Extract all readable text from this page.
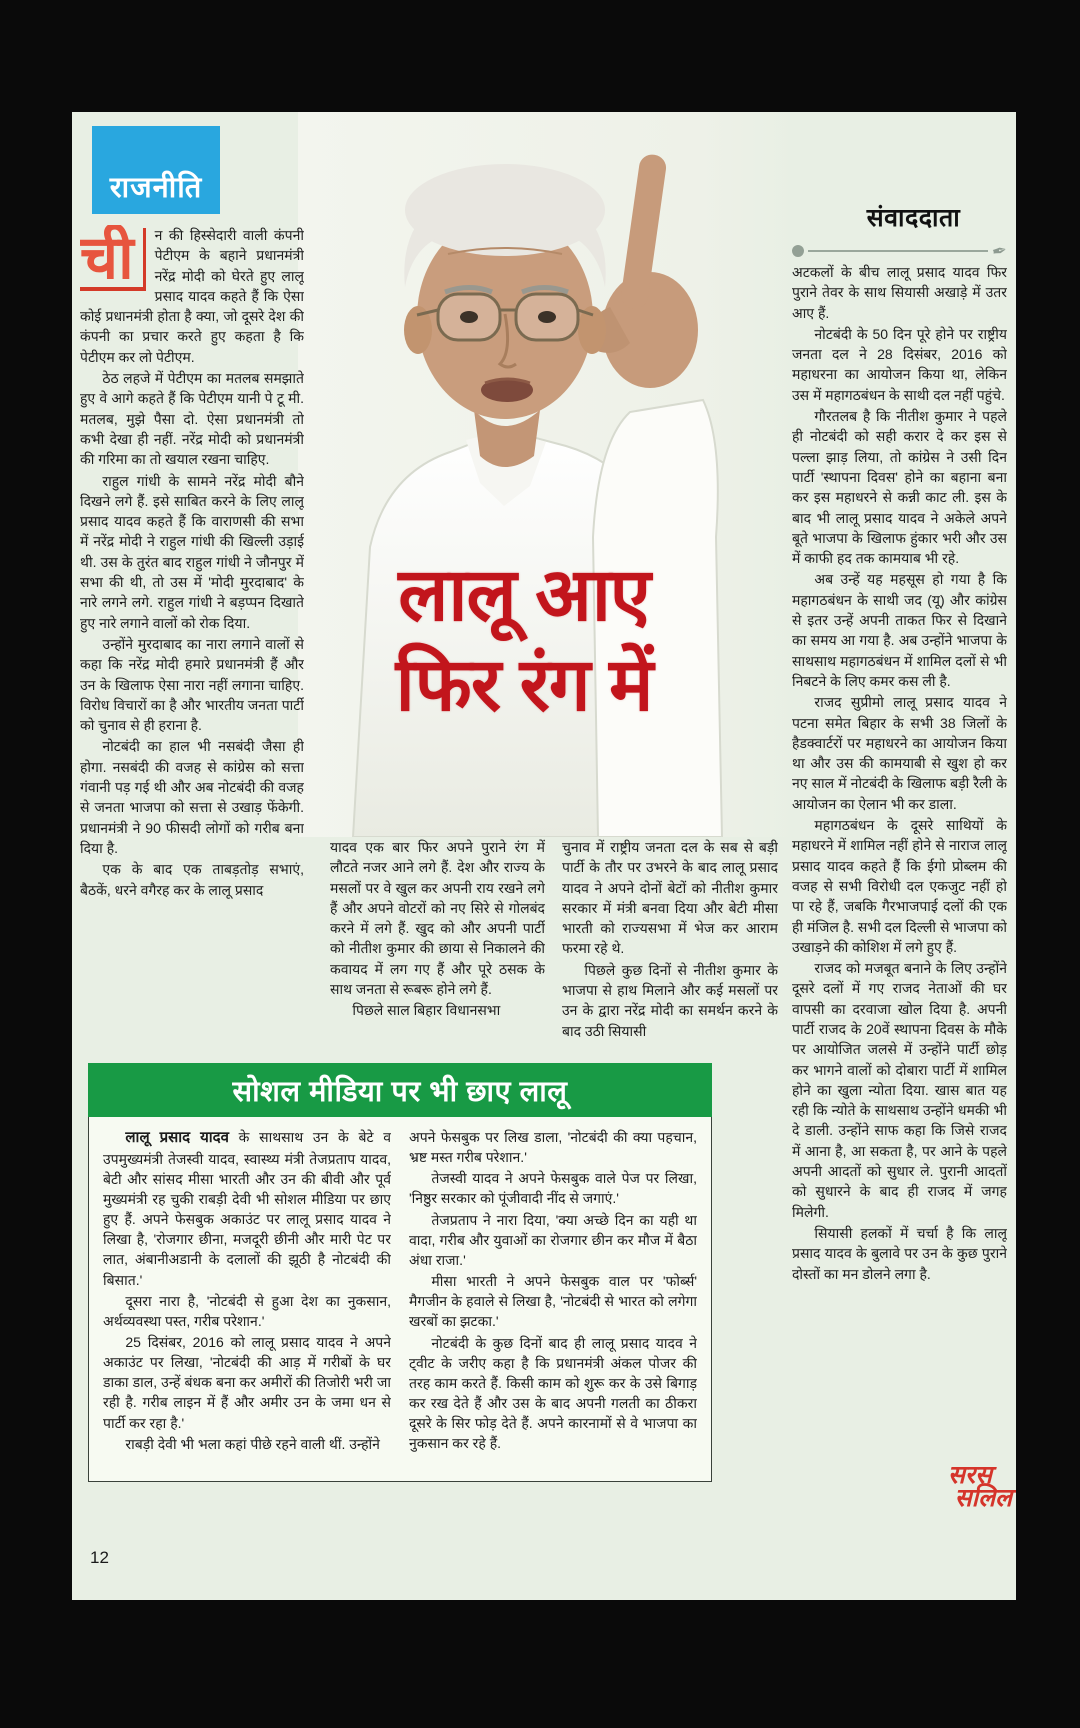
राजनीति
लालू आए
फिर रंग में
संवाददाता
✒
ची	न की हिस्सेदारी वाली कंपनी पेटीएम के बहाने प्रधानमंत्री नरेंद्र मोदी को घेरते हुए लालू प्रसाद यादव कहते हैं कि ऐसा कोई प्रधानमंत्री होता है क्या, जो दूसरे देश की कंपनी का प्रचार करते हुए कहता है कि पेटीएम कर लो पेटीएम.

ठेठ लहजे में पेटीएम का मतलब समझाते हुए वे आगे कहते हैं कि पेटीएम यानी पे टू मी. मतलब, मुझे पैसा दो. ऐसा प्रधानमंत्री तो कभी देखा ही नहीं. नरेंद्र मोदी को प्रधानमंत्री की गरिमा का तो खयाल रखना चाहिए.

राहुल गांधी के सामने नरेंद्र मोदी बौने दिखने लगे हैं. इसे साबित करने के लिए लालू प्रसाद यादव कहते हैं कि वाराणसी की सभा में नरेंद्र मोदी ने राहुल गांधी की खिल्ली उड़ाई थी. उस के तुरंत बाद राहुल गांधी ने जौनपुर में सभा की थी, तो उस में 'मोदी मुरदाबाद' के नारे लगने लगे. राहुल गांधी ने बड़प्पन दिखाते हुए नारे लगाने वालों को रोक दिया.

उन्होंने मुरदाबाद का नारा लगाने वालों से कहा कि नरेंद्र मोदी हमारे प्रधानमंत्री हैं और उन के खिलाफ ऐसा नारा नहीं लगाना चाहिए. विरोध विचारों का है और भारतीय जनता पार्टी को चुनाव से ही हराना है.

नोटबंदी का हाल भी नसबंदी जैसा ही होगा. नसबंदी की वजह से कांग्रेस को सत्ता गंवानी पड़ गई थी और अब नोटबंदी की वजह से जनता भाजपा को सत्ता से उखाड़ फेंकेगी. प्रधानमंत्री ने 90 फीसदी लोगों को गरीब बना दिया है.

एक के बाद एक ताबड़तोड़ सभाएं, बैठकें, धरने वगैरह कर के लालू प्रसाद

यादव एक बार फिर अपने पुराने रंग में लौटते नजर आने लगे हैं. देश और राज्य के मसलों पर वे खुल कर अपनी राय रखने लगे हैं और अपने वोटरों को नए सिरे से गोलबंद करने में लगे हैं. खुद को और अपनी पार्टी को नीतीश कुमार की छाया से निकालने की कवायद में लग गए हैं और पूरे ठसक के साथ जनता से रूबरू होने लगे हैं.

पिछले साल बिहार विधानसभा

चुनाव में राष्ट्रीय जनता दल के सब से बड़ी पार्टी के तौर पर उभरने के बाद लालू प्रसाद यादव ने अपने दोनों बेटों को नीतीश कुमार सरकार में मंत्री बनवा दिया और बेटी मीसा भारती को राज्यसभा में भेज कर आराम फरमा रहे थे.

पिछले कुछ दिनों से नीतीश कुमार के भाजपा से हाथ मिलाने और कई मसलों पर उन के द्वारा नरेंद्र मोदी का समर्थन करने के बाद उठी सियासी

अटकलों के बीच लालू प्रसाद यादव फिर पुराने तेवर के साथ सियासी अखाड़े में उतर आए हैं.

नोटबंदी के 50 दिन पूरे होने पर राष्ट्रीय जनता दल ने 28 दिसंबर, 2016 को महाधरना का आयोजन किया था, लेकिन उस में महागठबंधन के साथी दल नहीं पहुंचे.

गौरतलब है कि नीतीश कुमार ने पहले ही नोटबंदी को सही करार दे कर इस से पल्ला झाड़ लिया, तो कांग्रेस ने उसी दिन पार्टी 'स्थापना दिवस' होने का बहाना बना कर इस महाधरने से कन्नी काट ली. इस के बाद भी लालू प्रसाद यादव ने अकेले अपने बूते भाजपा के खिलाफ हुंकार भरी और उस में काफी हद तक कामयाब भी रहे.

अब उन्हें यह महसूस हो गया है कि महागठबंधन के साथी जद (यू) और कांग्रेस से इतर उन्हें अपनी ताकत फिर से दिखाने का समय आ गया है. अब उन्होंने भाजपा के साथसाथ महागठबंधन में शामिल दलों से भी निबटने के लिए कमर कस ली है.

राजद सुप्रीमो लालू प्रसाद यादव ने पटना समेत बिहार के सभी 38 जिलों के हैडक्वार्टरों पर महाधरने का आयोजन किया था और उस की कामयाबी से खुश हो कर नए साल में नोटबंदी के खिलाफ बड़ी रैली के आयोजन का ऐलान भी कर डाला.

महागठबंधन के दूसरे साथियों के महाधरने में शामिल नहीं होने से नाराज लालू प्रसाद यादव कहते हैं कि ईगो प्रोब्लम की वजह से सभी विरोधी दल एकजुट नहीं हो पा रहे हैं, जबकि गैरभाजपाई दलों की एक ही मंजिल है. सभी दल दिल्ली से भाजपा को उखाड़ने की कोशिश में लगे हुए हैं.

राजद को मजबूत बनाने के लिए उन्होंने दूसरे दलों में गए राजद नेताओं की घर वापसी का दरवाजा खोल दिया है. अपनी पार्टी राजद के 20वें स्थापना दिवस के मौके पर आयोजित जलसे में उन्होंने पार्टी छोड़ कर भागने वालों को दोबारा पार्टी में शामिल होने का खुला न्योता दिया. खास बात यह रही कि न्योते के साथसाथ उन्होंने धमकी भी दे डाली. उन्होंने साफ कहा कि जिसे राजद में आना है, आ सकता है, पर आने के पहले अपनी आदतों को सुधार ले. पुरानी आदतों को सुधारने के बाद ही राजद में जगह मिलेगी.

सियासी हलकों में चर्चा है कि लालू प्रसाद यादव के बुलावे पर उन के कुछ पुराने दोस्तों का मन डोलने लगा है.

सोशल मीडिया पर भी छाए लालू

लालू प्रसाद यादव के साथसाथ उन के बेटे व उपमुख्यमंत्री तेजस्वी यादव, स्वास्थ्य मंत्री तेजप्रताप यादव, बेटी और सांसद मीसा भारती और उन की बीवी और पूर्व मुख्यमंत्री रह चुकी राबड़ी देवी भी सोशल मीडिया पर छाए हुए हैं. अपने फेसबुक अकाउंट पर लालू प्रसाद यादव ने लिखा है, 'रोजगार छीना, मजदूरी छीनी और मारी पेट पर लात, अंबानीअडानी के दलालों की झूठी है नोटबंदी की बिसात.'

दूसरा नारा है, 'नोटबंदी से हुआ देश का नुकसान, अर्थव्यवस्था पस्त, गरीब परेशान.'

25 दिसंबर, 2016 को लालू प्रसाद यादव ने अपने अकाउंट पर लिखा, 'नोटबंदी की आड़ में गरीबों के घर डाका डाल, उन्हें बंधक बना कर अमीरों की तिजोरी भरी जा रही है. गरीब लाइन में हैं और अमीर उन के जमा धन से पार्टी कर रहा है.'

राबड़ी देवी भी भला कहां पीछे रहने वाली थीं. उन्होंने

अपने फेसबुक पर लिख डाला, 'नोटबंदी की क्या पहचान, भ्रष्ट मस्त गरीब परेशान.'

तेजस्वी यादव ने अपने फेसबुक वाले पेज पर लिखा, 'निष्ठुर सरकार को पूंजीवादी नींद से जगाएं.'

तेजप्रताप ने नारा दिया, 'क्या अच्छे दिन का यही था वादा, गरीब और युवाओं का रोजगार छीन कर मौज में बैठा अंधा राजा.'

मीसा भारती ने अपने फेसबुक वाल पर 'फोर्ब्स' मैगजीन के हवाले से लिखा है, 'नोटबंदी से भारत को लगेगा खरबों का झटका.'

नोटबंदी के कुछ दिनों बाद ही लालू प्रसाद यादव ने ट्वीट के जरीए कहा है कि प्रधानमंत्री अंकल पोजर की तरह काम करते हैं. किसी काम को शुरू कर के उसे बिगाड़ कर रख देते हैं और उस के बाद अपनी गलती का ठीकरा दूसरे के सिर फोड़ देते हैं. अपने कारनामों से वे भाजपा का नुकसान कर रहे हैं.

12
सरस
सलिल
